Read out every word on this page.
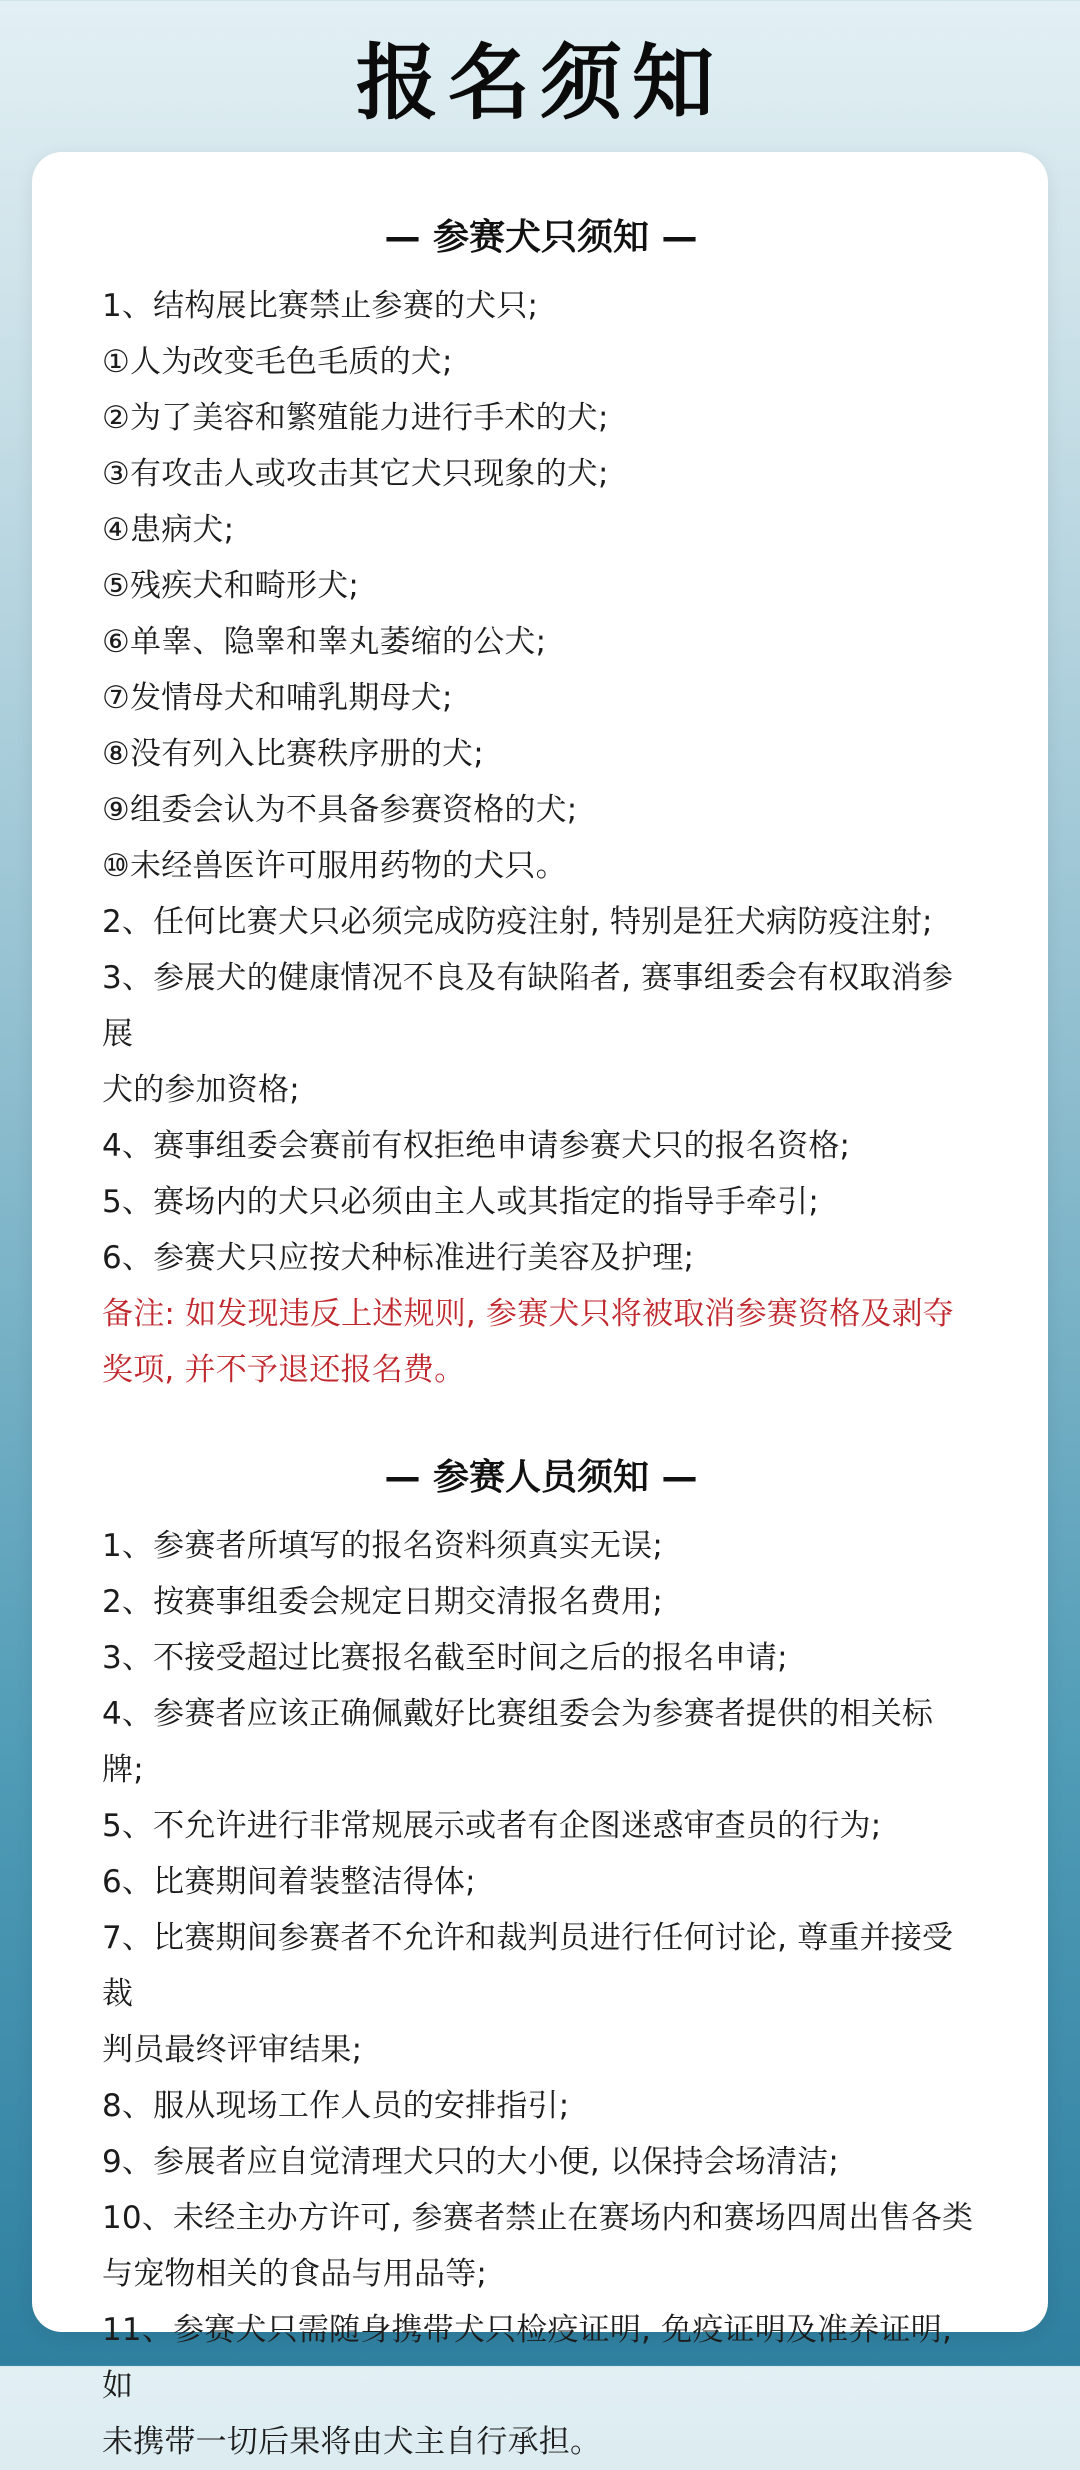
报名须知
— 参赛犬只须知 —
1、结构展比赛禁止参赛的犬只;
①人为改变毛色毛质的犬;
②为了美容和繁殖能力进行手术的犬;
③有攻击人或攻击其它犬只现象的犬;
④患病犬;
⑤残疾犬和畸形犬;
⑥单睾、隐睾和睾丸萎缩的公犬;
⑦发情母犬和哺乳期母犬;
⑧没有列入比赛秩序册的犬;
⑨组委会认为不具备参赛资格的犬;
⑩未经兽医许可服用药物的犬只。
2、任何比赛犬只必须完成防疫注射, 特别是狂犬病防疫注射;
3、参展犬的健康情况不良及有缺陷者, 赛事组委会有权取消参展
犬的参加资格;
4、赛事组委会赛前有权拒绝申请参赛犬只的报名资格;
5、赛场内的犬只必须由主人或其指定的指导手牵引;
6、参赛犬只应按犬种标准进行美容及护理;
备注: 如发现违反上述规则, 参赛犬只将被取消参赛资格及剥夺
奖项, 并不予退还报名费。
— 参赛人员须知 —
1、参赛者所填写的报名资料须真实无误;
2、按赛事组委会规定日期交清报名费用;
3、不接受超过比赛报名截至时间之后的报名申请;
4、参赛者应该正确佩戴好比赛组委会为参赛者提供的相关标
牌;
5、不允许进行非常规展示或者有企图迷惑审查员的行为;
6、比赛期间着装整洁得体;
7、比赛期间参赛者不允许和裁判员进行任何讨论, 尊重并接受裁
判员最终评审结果;
8、服从现场工作人员的安排指引;
9、参展者应自觉清理犬只的大小便, 以保持会场清洁;
10、未经主办方许可, 参赛者禁止在赛场内和赛场四周出售各类
与宠物相关的食品与用品等;
11、参赛犬只需随身携带犬只检疫证明, 免疫证明及准养证明, 如
未携带一切后果将由犬主自行承担。
